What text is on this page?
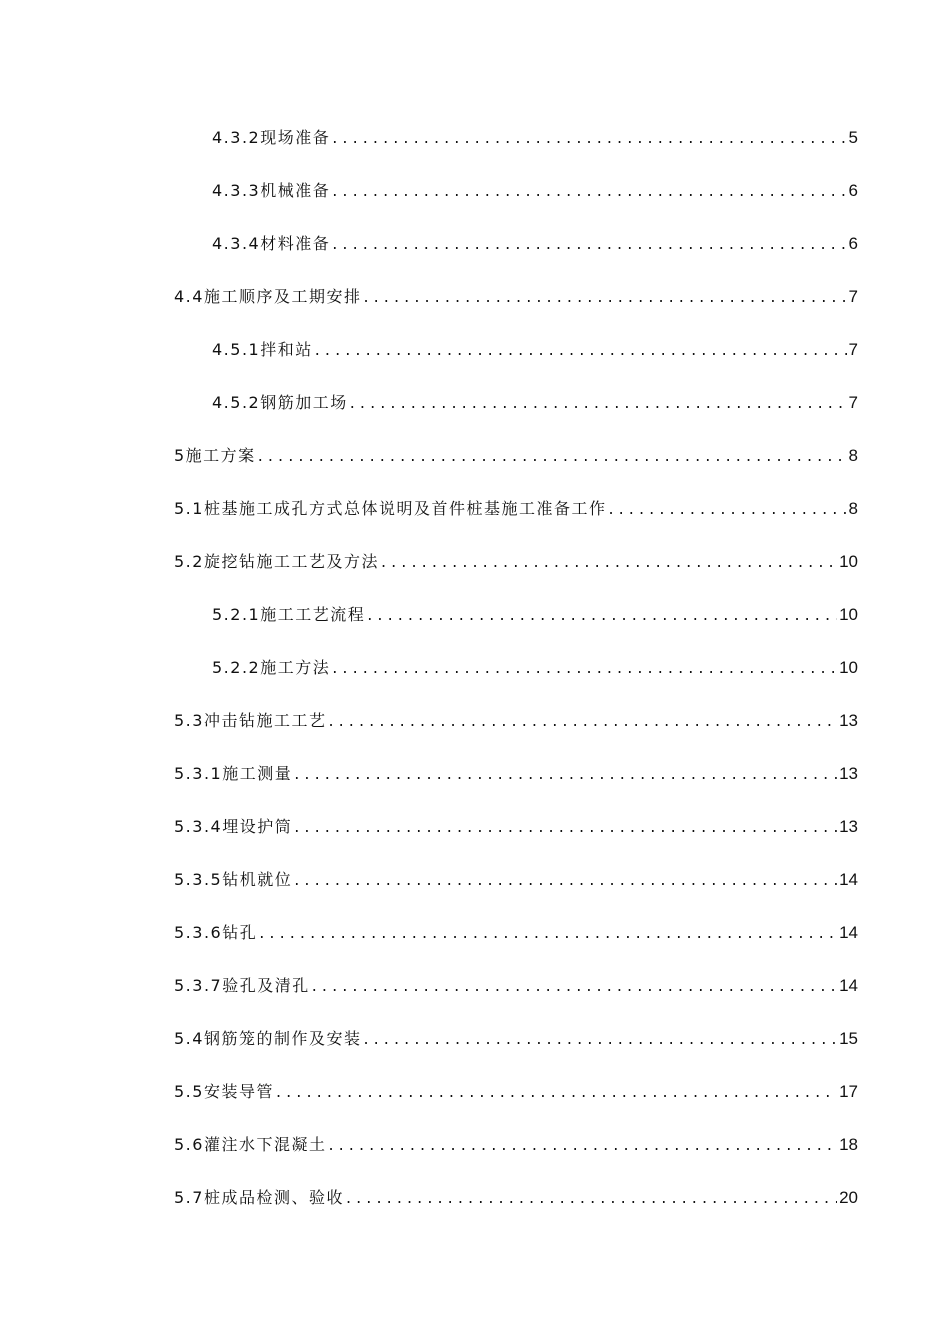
4.3.2现场准备 . . .	5
4.3.3机械准备 . . .	6
4.3.4材料准备 . . .	6
4.4施工顺序及工期安排 . . .	7
4.5.1拌和站 . . .	7
4.5.2钢筋加工场 . . .	7
5施工方案 . . .	8
5.1桩基施工成孔方式总体说明及首件桩基施工准备工作 . . .	8
5.2旋挖钻施工工艺及方法 . . .	10
5.2.1施工工艺流程 . . .	10
5.2.2施工方法 . . .	10
5.3冲击钻施工工艺 . . .	13
5.3.1施工测量 . . .	13
5.3.4埋设护筒 . . .	13
5.3.5钻机就位 . . .	14
5.3.6钻孔 . . .	14
5.3.7验孔及清孔 . . .	14
5.4钢筋笼的制作及安装 . . .	15
5.5安装导管 . . .	17
5.6灌注水下混凝土 . . .	18
5.7桩成品检测、验收 . . .	20
